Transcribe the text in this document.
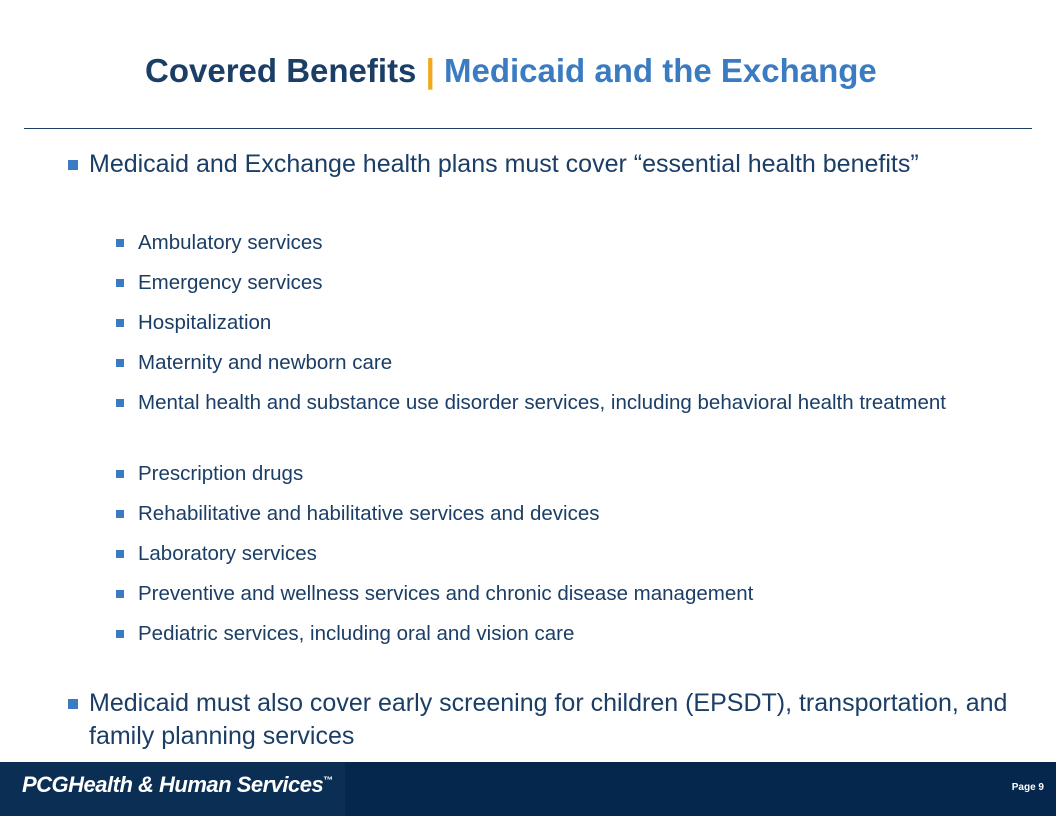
Covered Benefits | Medicaid and the Exchange
Medicaid and Exchange health plans must cover “essential health benefits”
Ambulatory services
Emergency services
Hospitalization
Maternity and newborn care
Mental health and substance use disorder services, including behavioral health treatment
Prescription drugs
Rehabilitative and habilitative services and devices
Laboratory services
Preventive and wellness services and chronic disease management
Pediatric services, including oral and vision care
Medicaid must also cover early screening for children (EPSDT), transportation, and family planning services
PCGHealth & Human Services™
Page 9
